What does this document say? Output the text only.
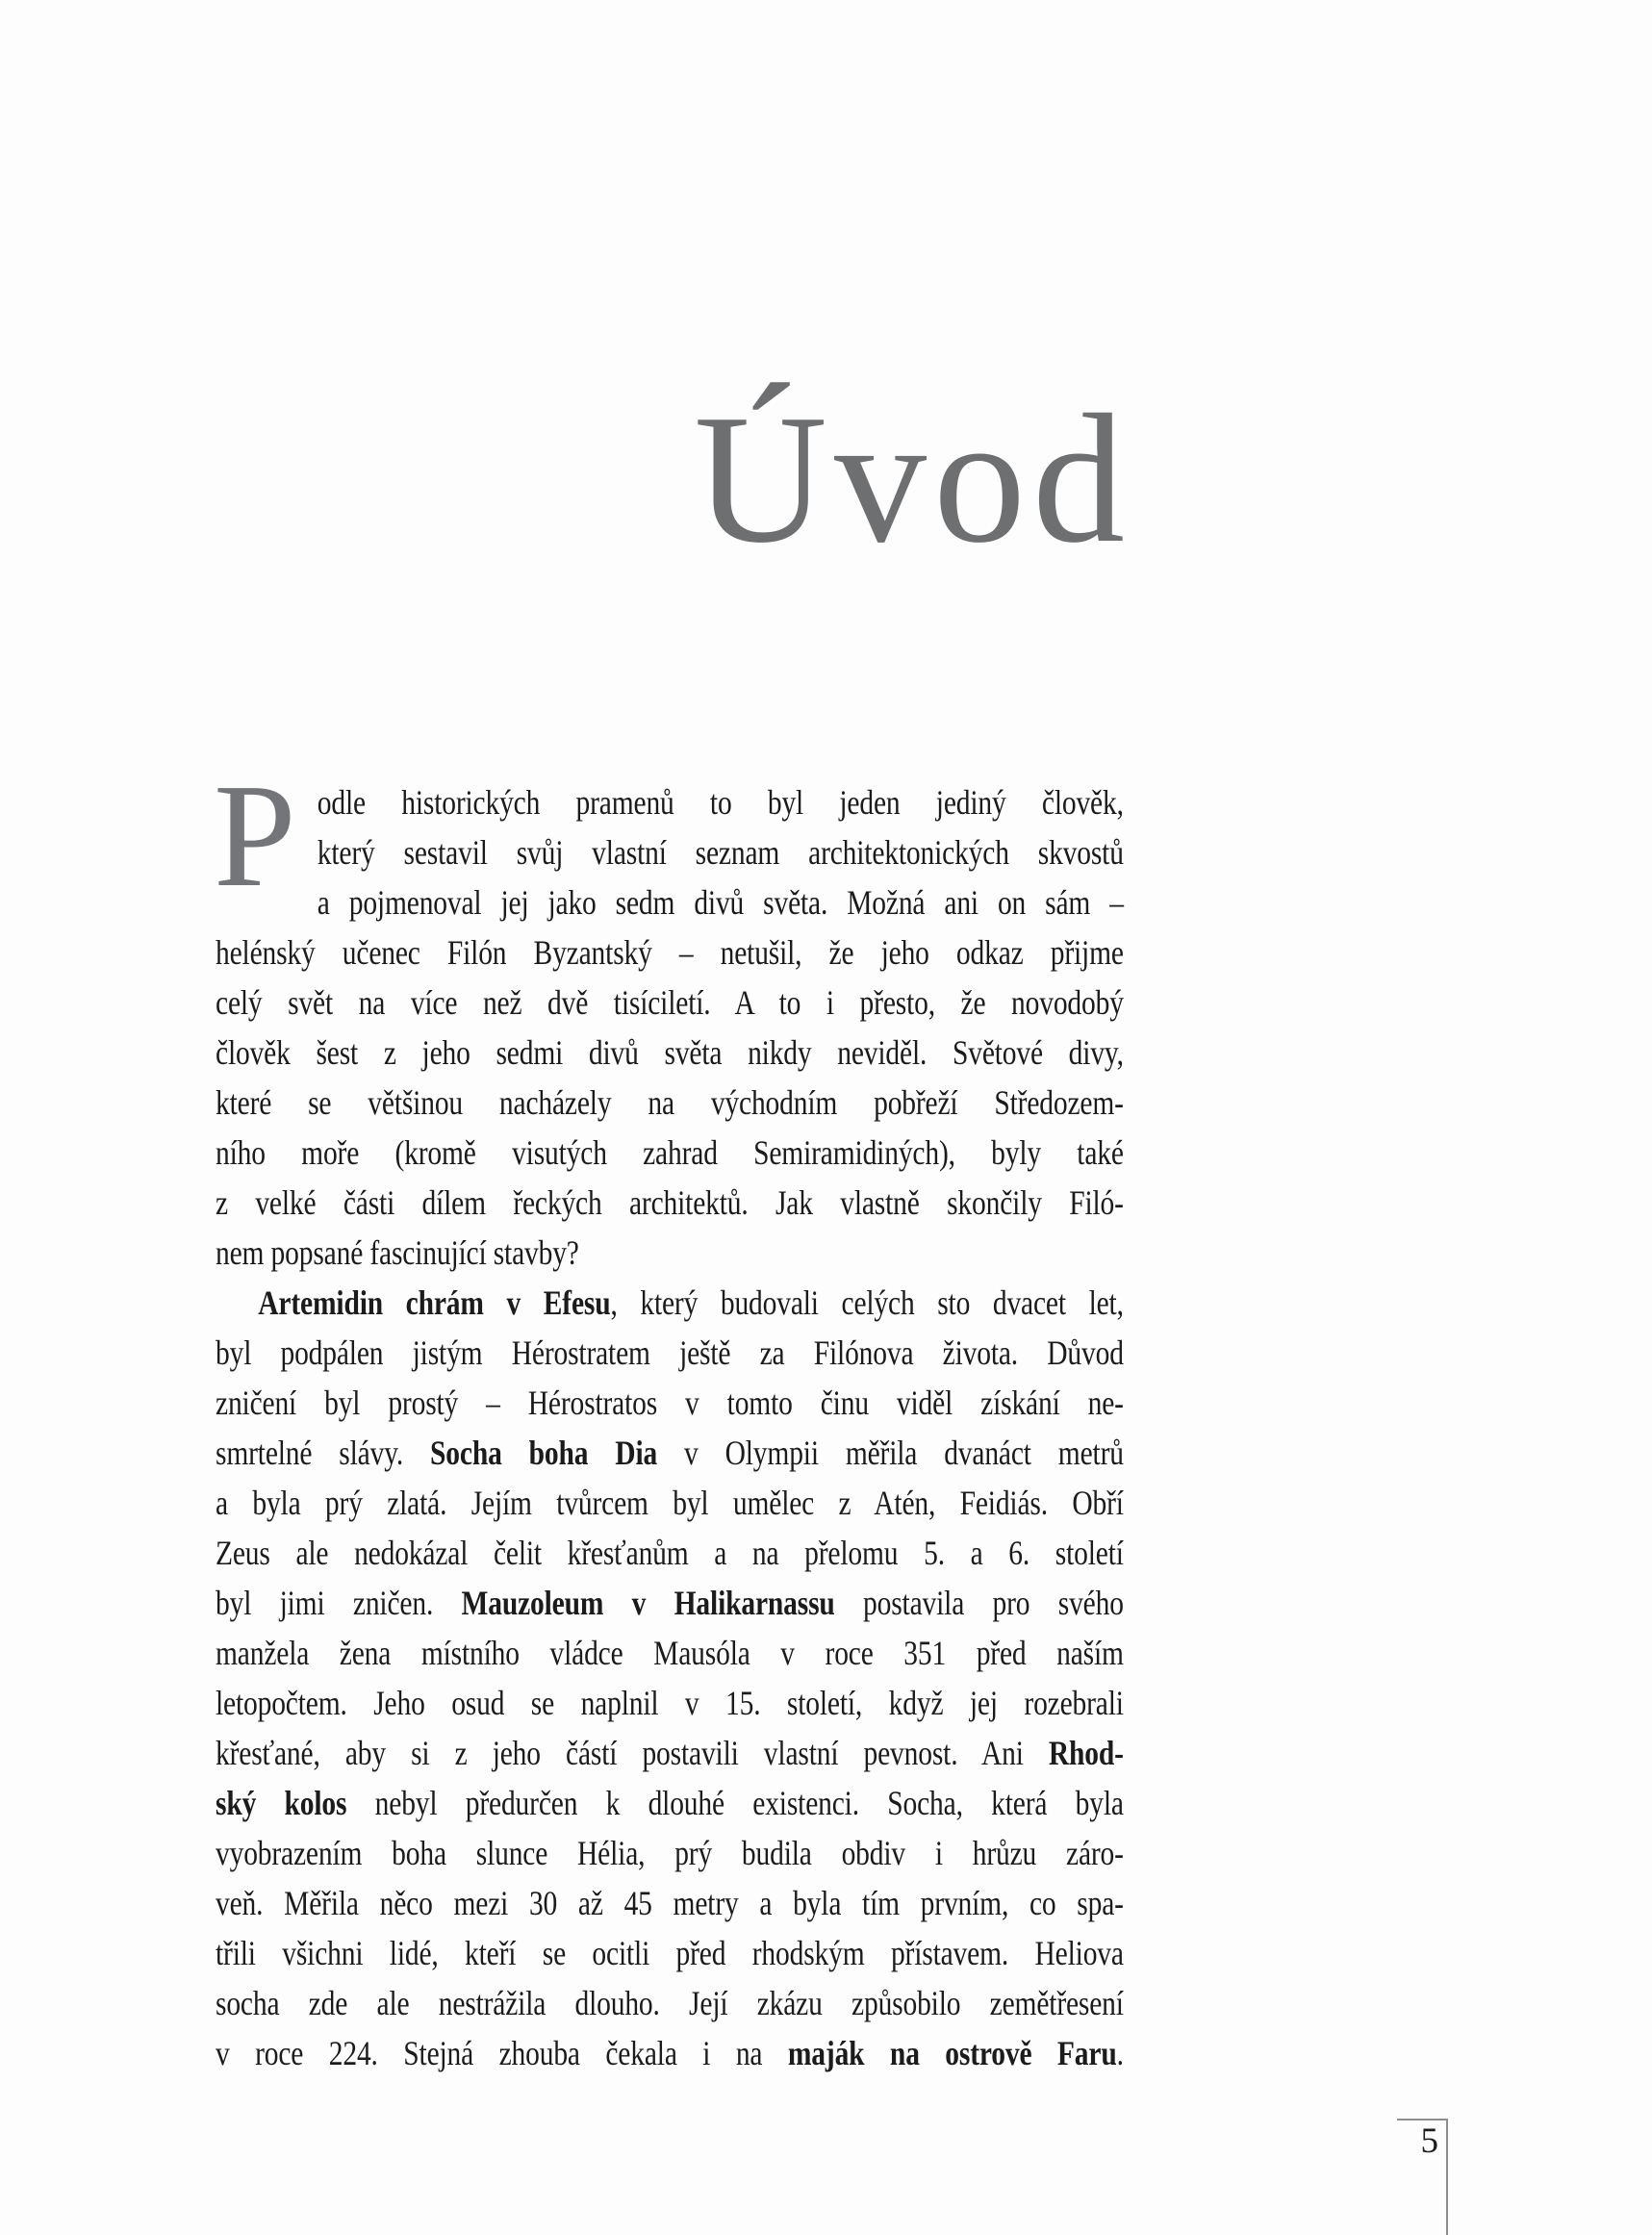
Úvod
P odle historických pramenů to byl jeden jediný člověk,
který sestavil svůj vlastní seznam architektonických skvostů
a pojmenoval jej jako sedm divů světa. Možná ani on sám –
helénský učenec Filón Byzantský – netušil, že jeho odkaz přijme
celý svět na více než dvě tisíciletí. A to i přesto, že novodobý
člověk šest z jeho sedmi divů světa nikdy neviděl. Světové divy,
které se většinou nacházely na východním pobřeží Středozem-
ního moře (kromě visutých zahrad Semiramidiných), byly také
z velké části dílem řeckých architektů. Jak vlastně skončily Filó-
nem popsané fascinující stavby?
Artemidin chrám v Efesu, který budovali celých sto dvacet let,
byl podpálen jistým Hérostratem ještě za Filónova života. Důvod
zničení byl prostý – Hérostratos v tomto činu viděl získání ne-
smrtelné slávy. Socha boha Dia v Olympii měřila dvanáct metrů
a byla prý zlatá. Jejím tvůrcem byl umělec z Atén, Feidiás. Obří
Zeus ale nedokázal čelit křesťanům a na přelomu 5. a 6. století
byl jimi zničen. Mauzoleum v Halikarnassu postavila pro svého
manžela žena místního vládce Mausóla v roce 351 před naším
letopočtem. Jeho osud se naplnil v 15. století, když jej rozebrali
křesťané, aby si z jeho částí postavili vlastní pevnost. Ani Rhod-
ský kolos nebyl předurčen k dlouhé existenci. Socha, která byla
vyobrazením boha slunce Hélia, prý budila obdiv i hrůzu záro-
veň. Měřila něco mezi 30 až 45 metry a byla tím prvním, co spa-
třili všichni lidé, kteří se ocitli před rhodským přístavem. Heliova
socha zde ale nestrážila dlouho. Její zkázu způsobilo zemětřesení
v roce 224. Stejná zhouba čekala i na maják na ostrově Faru.
5
